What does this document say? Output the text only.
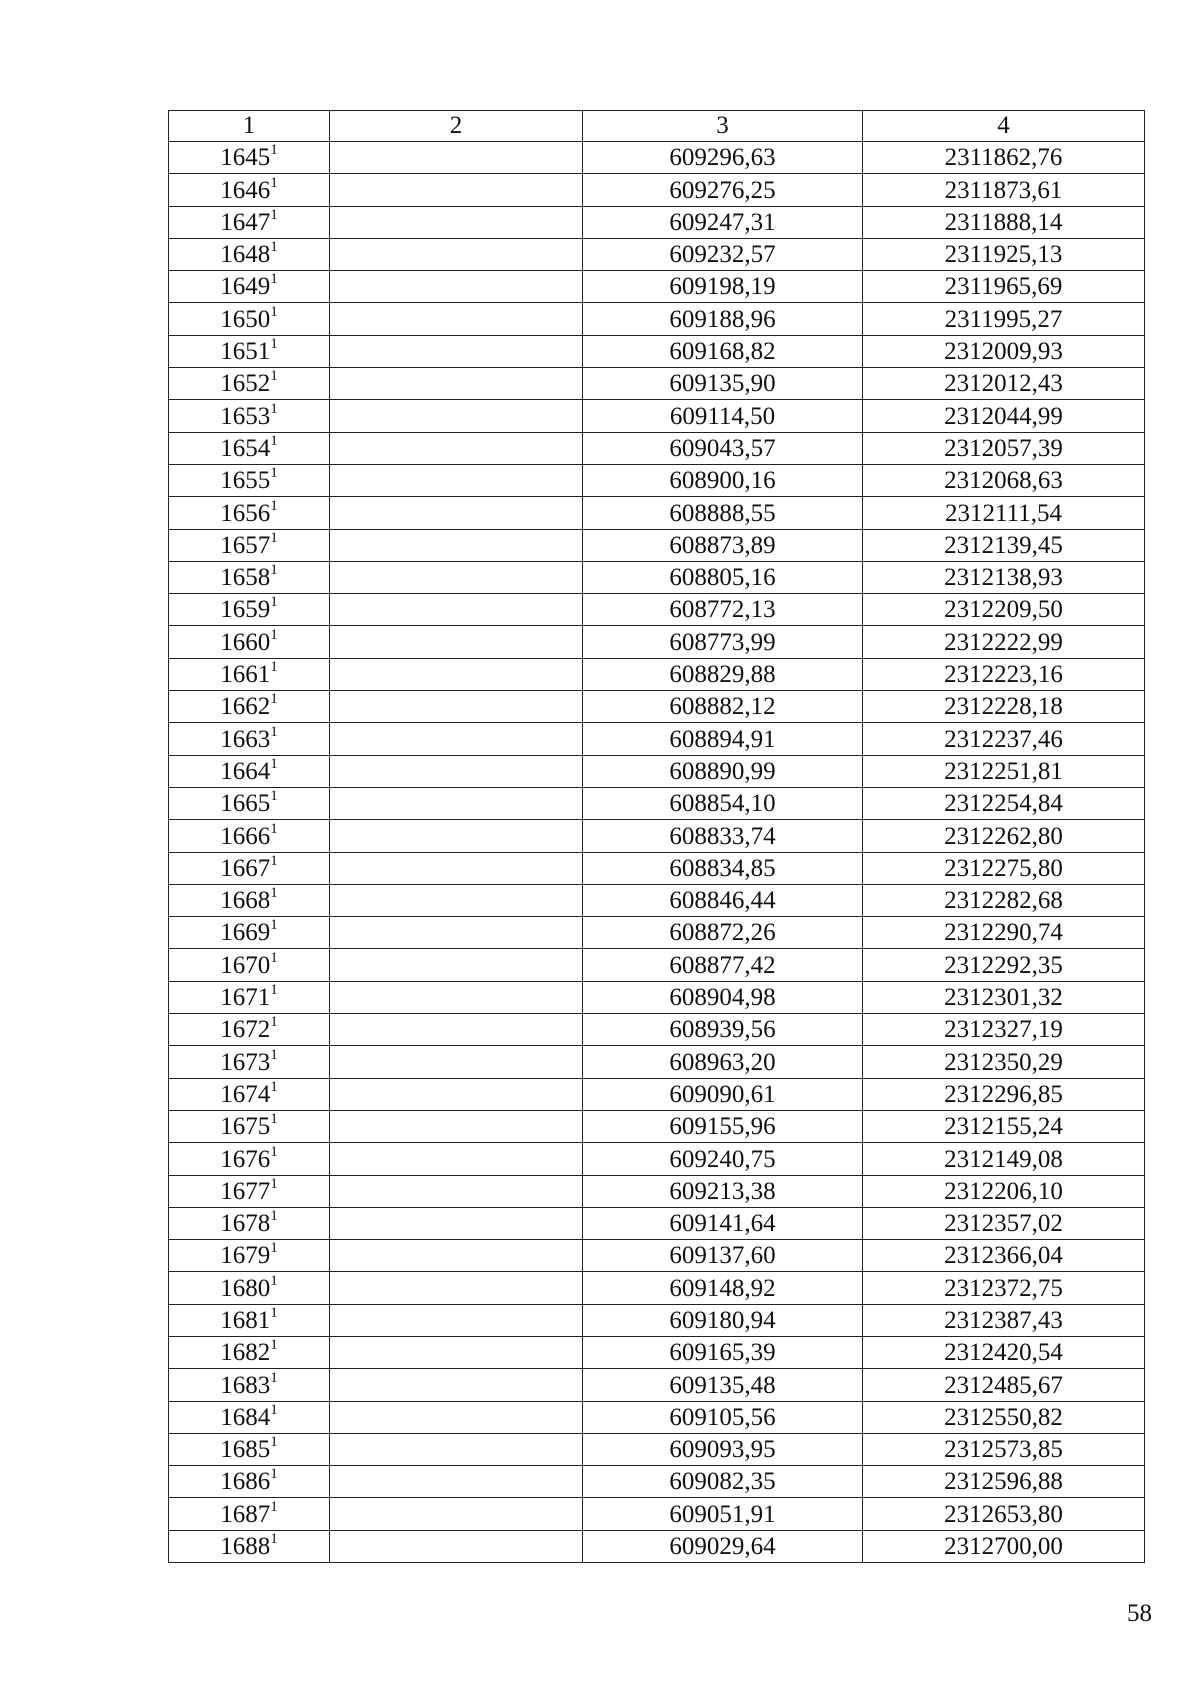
1	2	3	4
1645$^1$		609296,63	2311862,76
1646$^1$		609276,25	2311873,61
1647$^1$		609247,31	2311888,14
1648$^1$		609232,57	2311925,13
1649$^1$		609198,19	2311965,69
1650$^1$		609188,96	2311995,27
1651$^1$		609168,82	2312009,93
1652$^1$		609135,90	2312012,43
1653$^1$		609114,50	2312044,99
1654$^1$		609043,57	2312057,39
1655$^1$		608900,16	2312068,63
1656$^1$		608888,55	2312111,54
1657$^1$		608873,89	2312139,45
1658$^1$		608805,16	2312138,93
1659$^1$		608772,13	2312209,50
1660$^1$		608773,99	2312222,99
1661$^1$		608829,88	2312223,16
1662$^1$		608882,12	2312228,18
1663$^1$		608894,91	2312237,46
1664$^1$		608890,99	2312251,81
1665$^1$		608854,10	2312254,84
1666$^1$		608833,74	2312262,80
1667$^1$		608834,85	2312275,80
1668$^1$		608846,44	2312282,68
1669$^1$		608872,26	2312290,74
1670$^1$		608877,42	2312292,35
1671$^1$		608904,98	2312301,32
1672$^1$		608939,56	2312327,19
1673$^1$		608963,20	2312350,29
1674$^1$		609090,61	2312296,85
1675$^1$		609155,96	2312155,24
1676$^1$		609240,75	2312149,08
1677$^1$		609213,38	2312206,10
1678$^1$		609141,64	2312357,02
1679$^1$		609137,60	2312366,04
1680$^1$		609148,92	2312372,75
1681$^1$		609180,94	2312387,43
1682$^1$		609165,39	2312420,54
1683$^1$		609135,48	2312485,67
1684$^1$		609105,56	2312550,82
1685$^1$		609093,95	2312573,85
1686$^1$		609082,35	2312596,88
1687$^1$		609051,91	2312653,80
1688$^1$		609029,64	2312700,00
58
